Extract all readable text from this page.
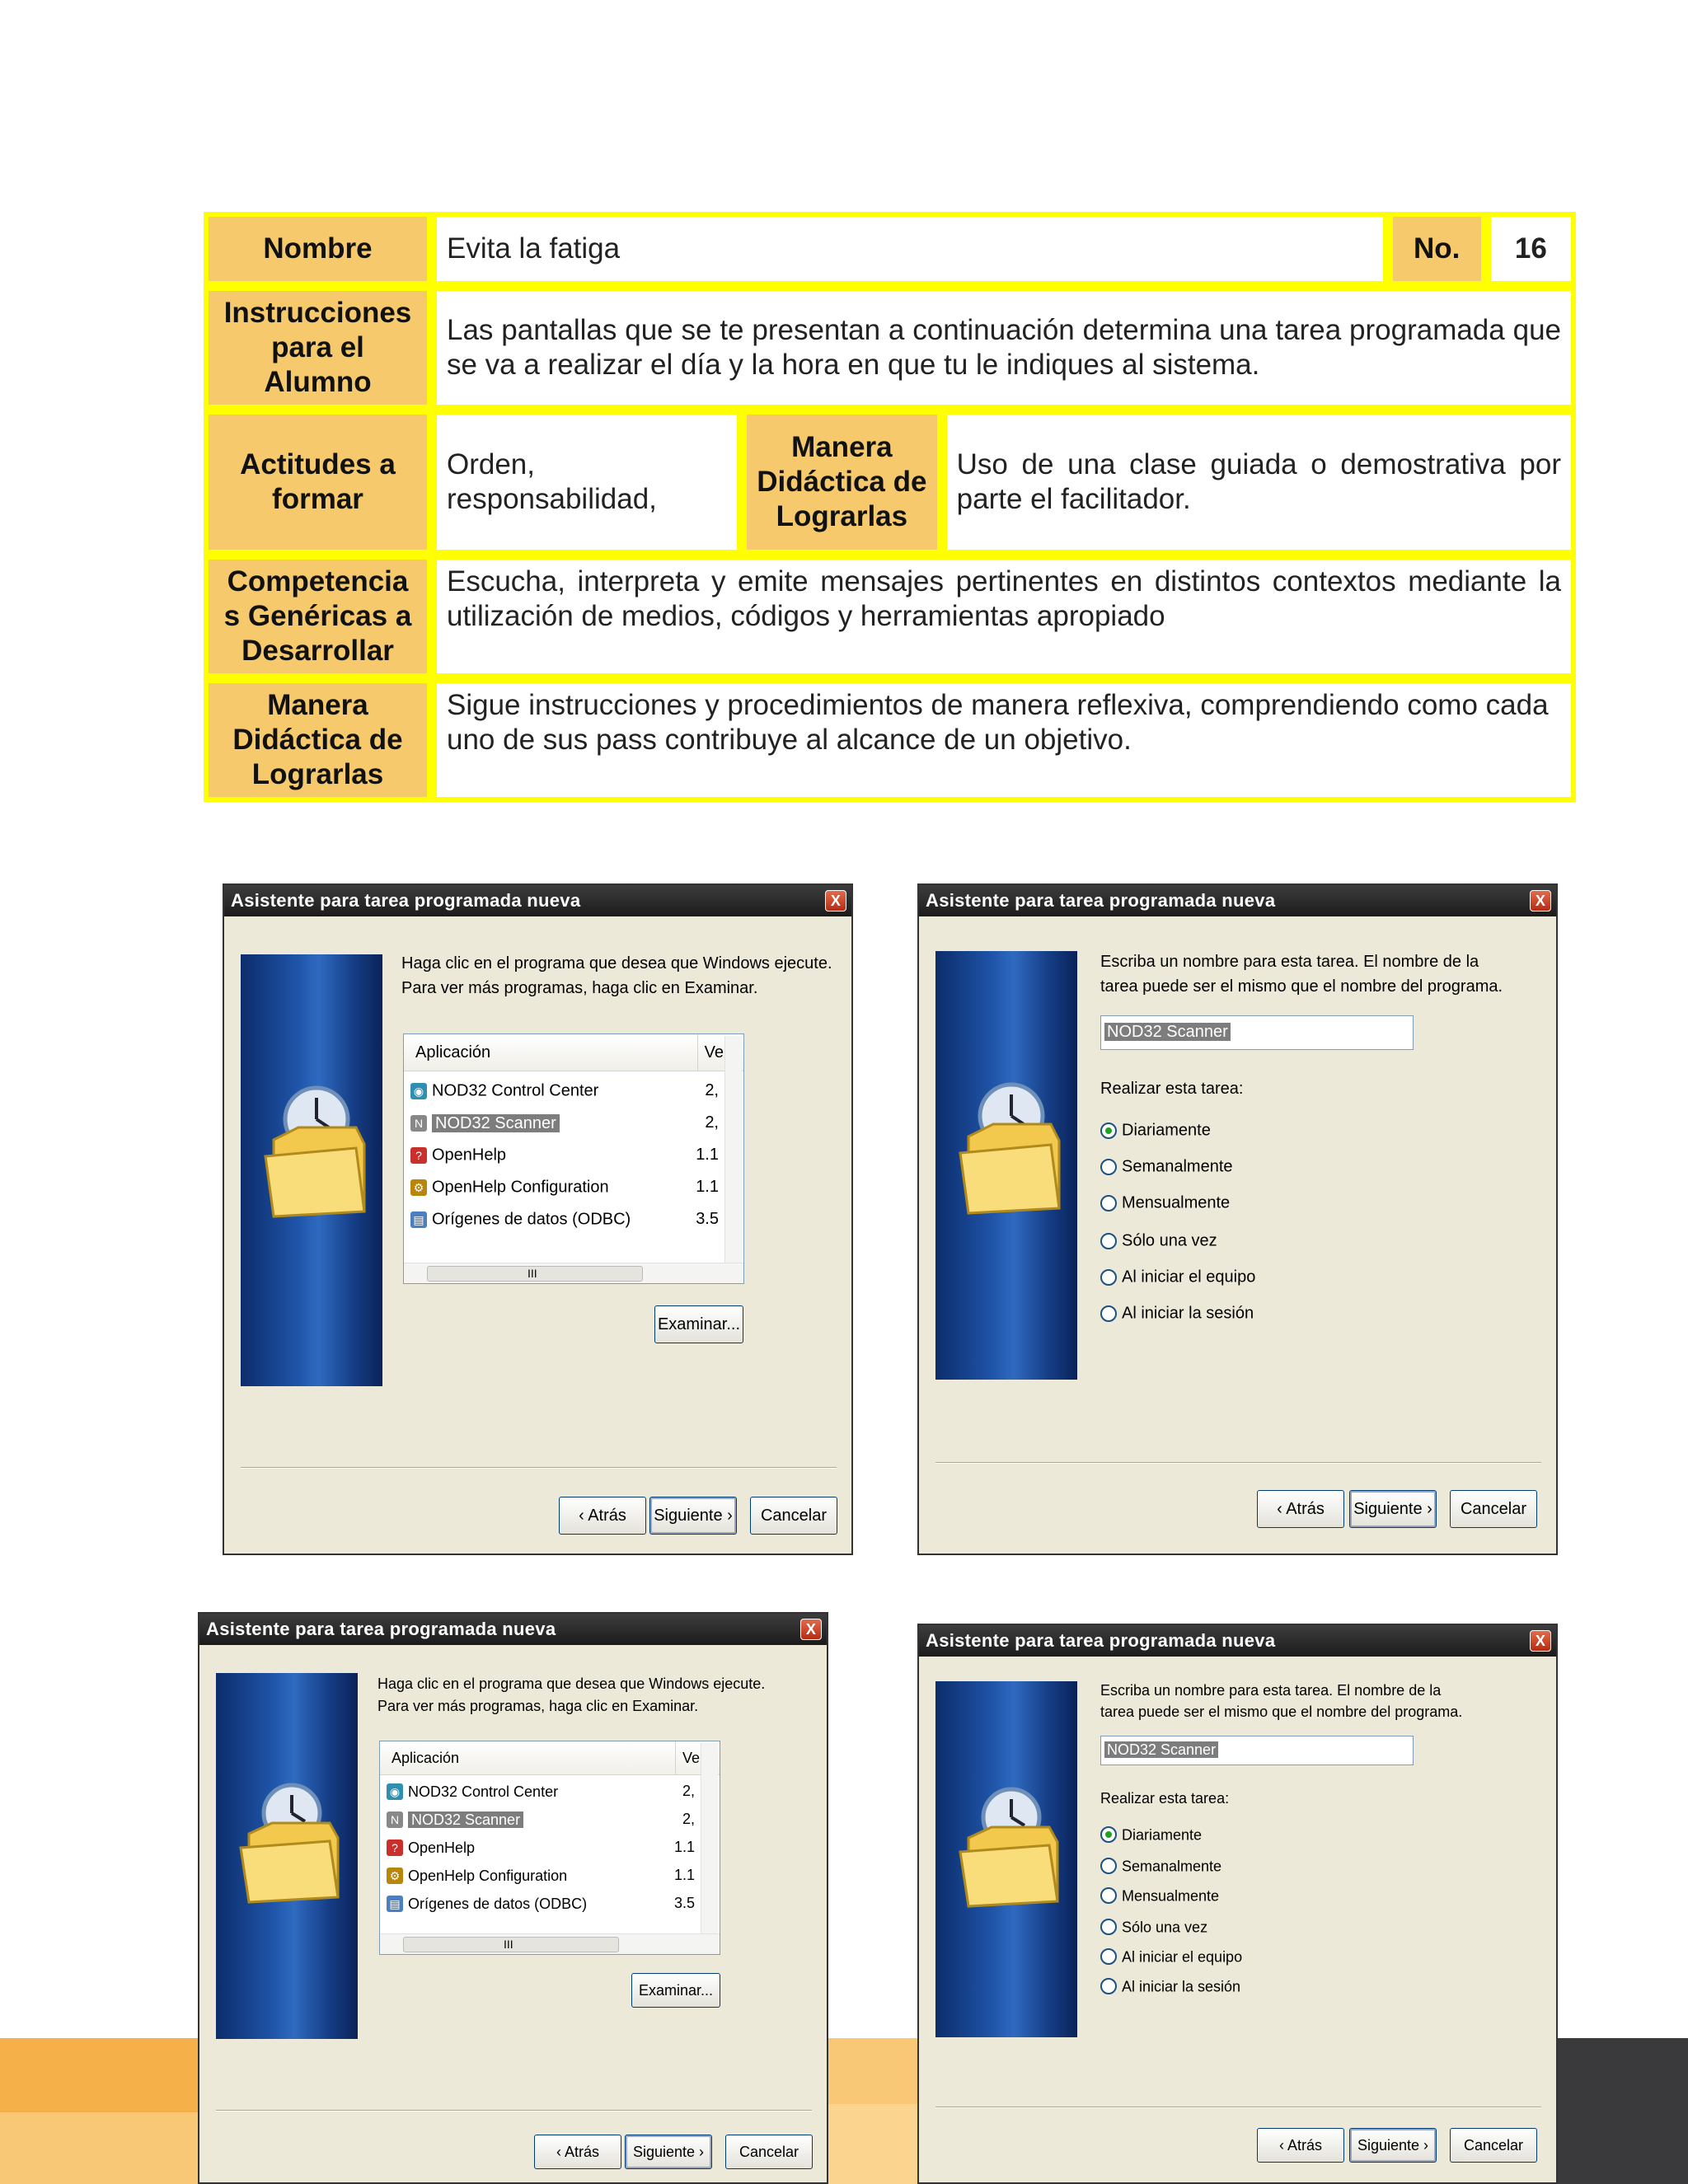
Nombre	Evita la fatiga			No.	16
Instrucciones para el Alumno	Las pantallas que se te presentan a continuación determina una tarea programada que se va a realizar el día y la hora en que tu le indiques al sistema.				
Actitudes a formar	Orden, responsabilidad,	Manera Didáctica de Lograrlas	Uso de una clase guiada o demostrativa por parte el facilitador.		
Competencia s Genéricas a Desarrollar	Escucha, interpreta y emite mensajes pertinentes en distintos contextos mediante la utilización de medios, códigos y herramientas apropiado				
Manera Didáctica de Lograrlas	Sigue instrucciones y procedimientos de manera reflexiva, comprendiendo como cada uno de sus pass contribuye al alcance de un objetivo.				
Asistente para tarea programada nueva	X
Haga clic en el programa que desea que Windows ejecute.
Para ver más programas, haga clic en Examinar.
Aplicación	Ve
◉ NOD32 Control Center	2,
N NOD32 Scanner	2,
? OpenHelp	1.1
⚙ OpenHelp Configuration	1.1
▤ Orígenes de datos (ODBC)	3.5
III
Examinar...
‹ Atrás	Siguiente ›	Cancelar
Asistente para tarea programada nueva	X
Escriba un nombre para esta tarea. El nombre de la
tarea puede ser el mismo que el nombre del programa.
NOD32 Scanner
Realizar esta tarea:
Diariamente
Semanalmente
Mensualmente
Sólo una vez
Al iniciar el equipo
Al iniciar la sesión
‹ Atrás	Siguiente ›	Cancelar
Asistente para tarea programada nueva	X
Haga clic en el programa que desea que Windows ejecute.
Para ver más programas, haga clic en Examinar.
Aplicación	Ve
◉ NOD32 Control Center	2,
N NOD32 Scanner	2,
? OpenHelp	1.1
⚙ OpenHelp Configuration	1.1
▤ Orígenes de datos (ODBC)	3.5
III
Examinar...
‹ Atrás	Siguiente ›	Cancelar
Asistente para tarea programada nueva	X
Escriba un nombre para esta tarea. El nombre de la
tarea puede ser el mismo que el nombre del programa.
NOD32 Scanner
Realizar esta tarea:
Diariamente
Semanalmente
Mensualmente
Sólo una vez
Al iniciar el equipo
Al iniciar la sesión
‹ Atrás	Siguiente ›	Cancelar
